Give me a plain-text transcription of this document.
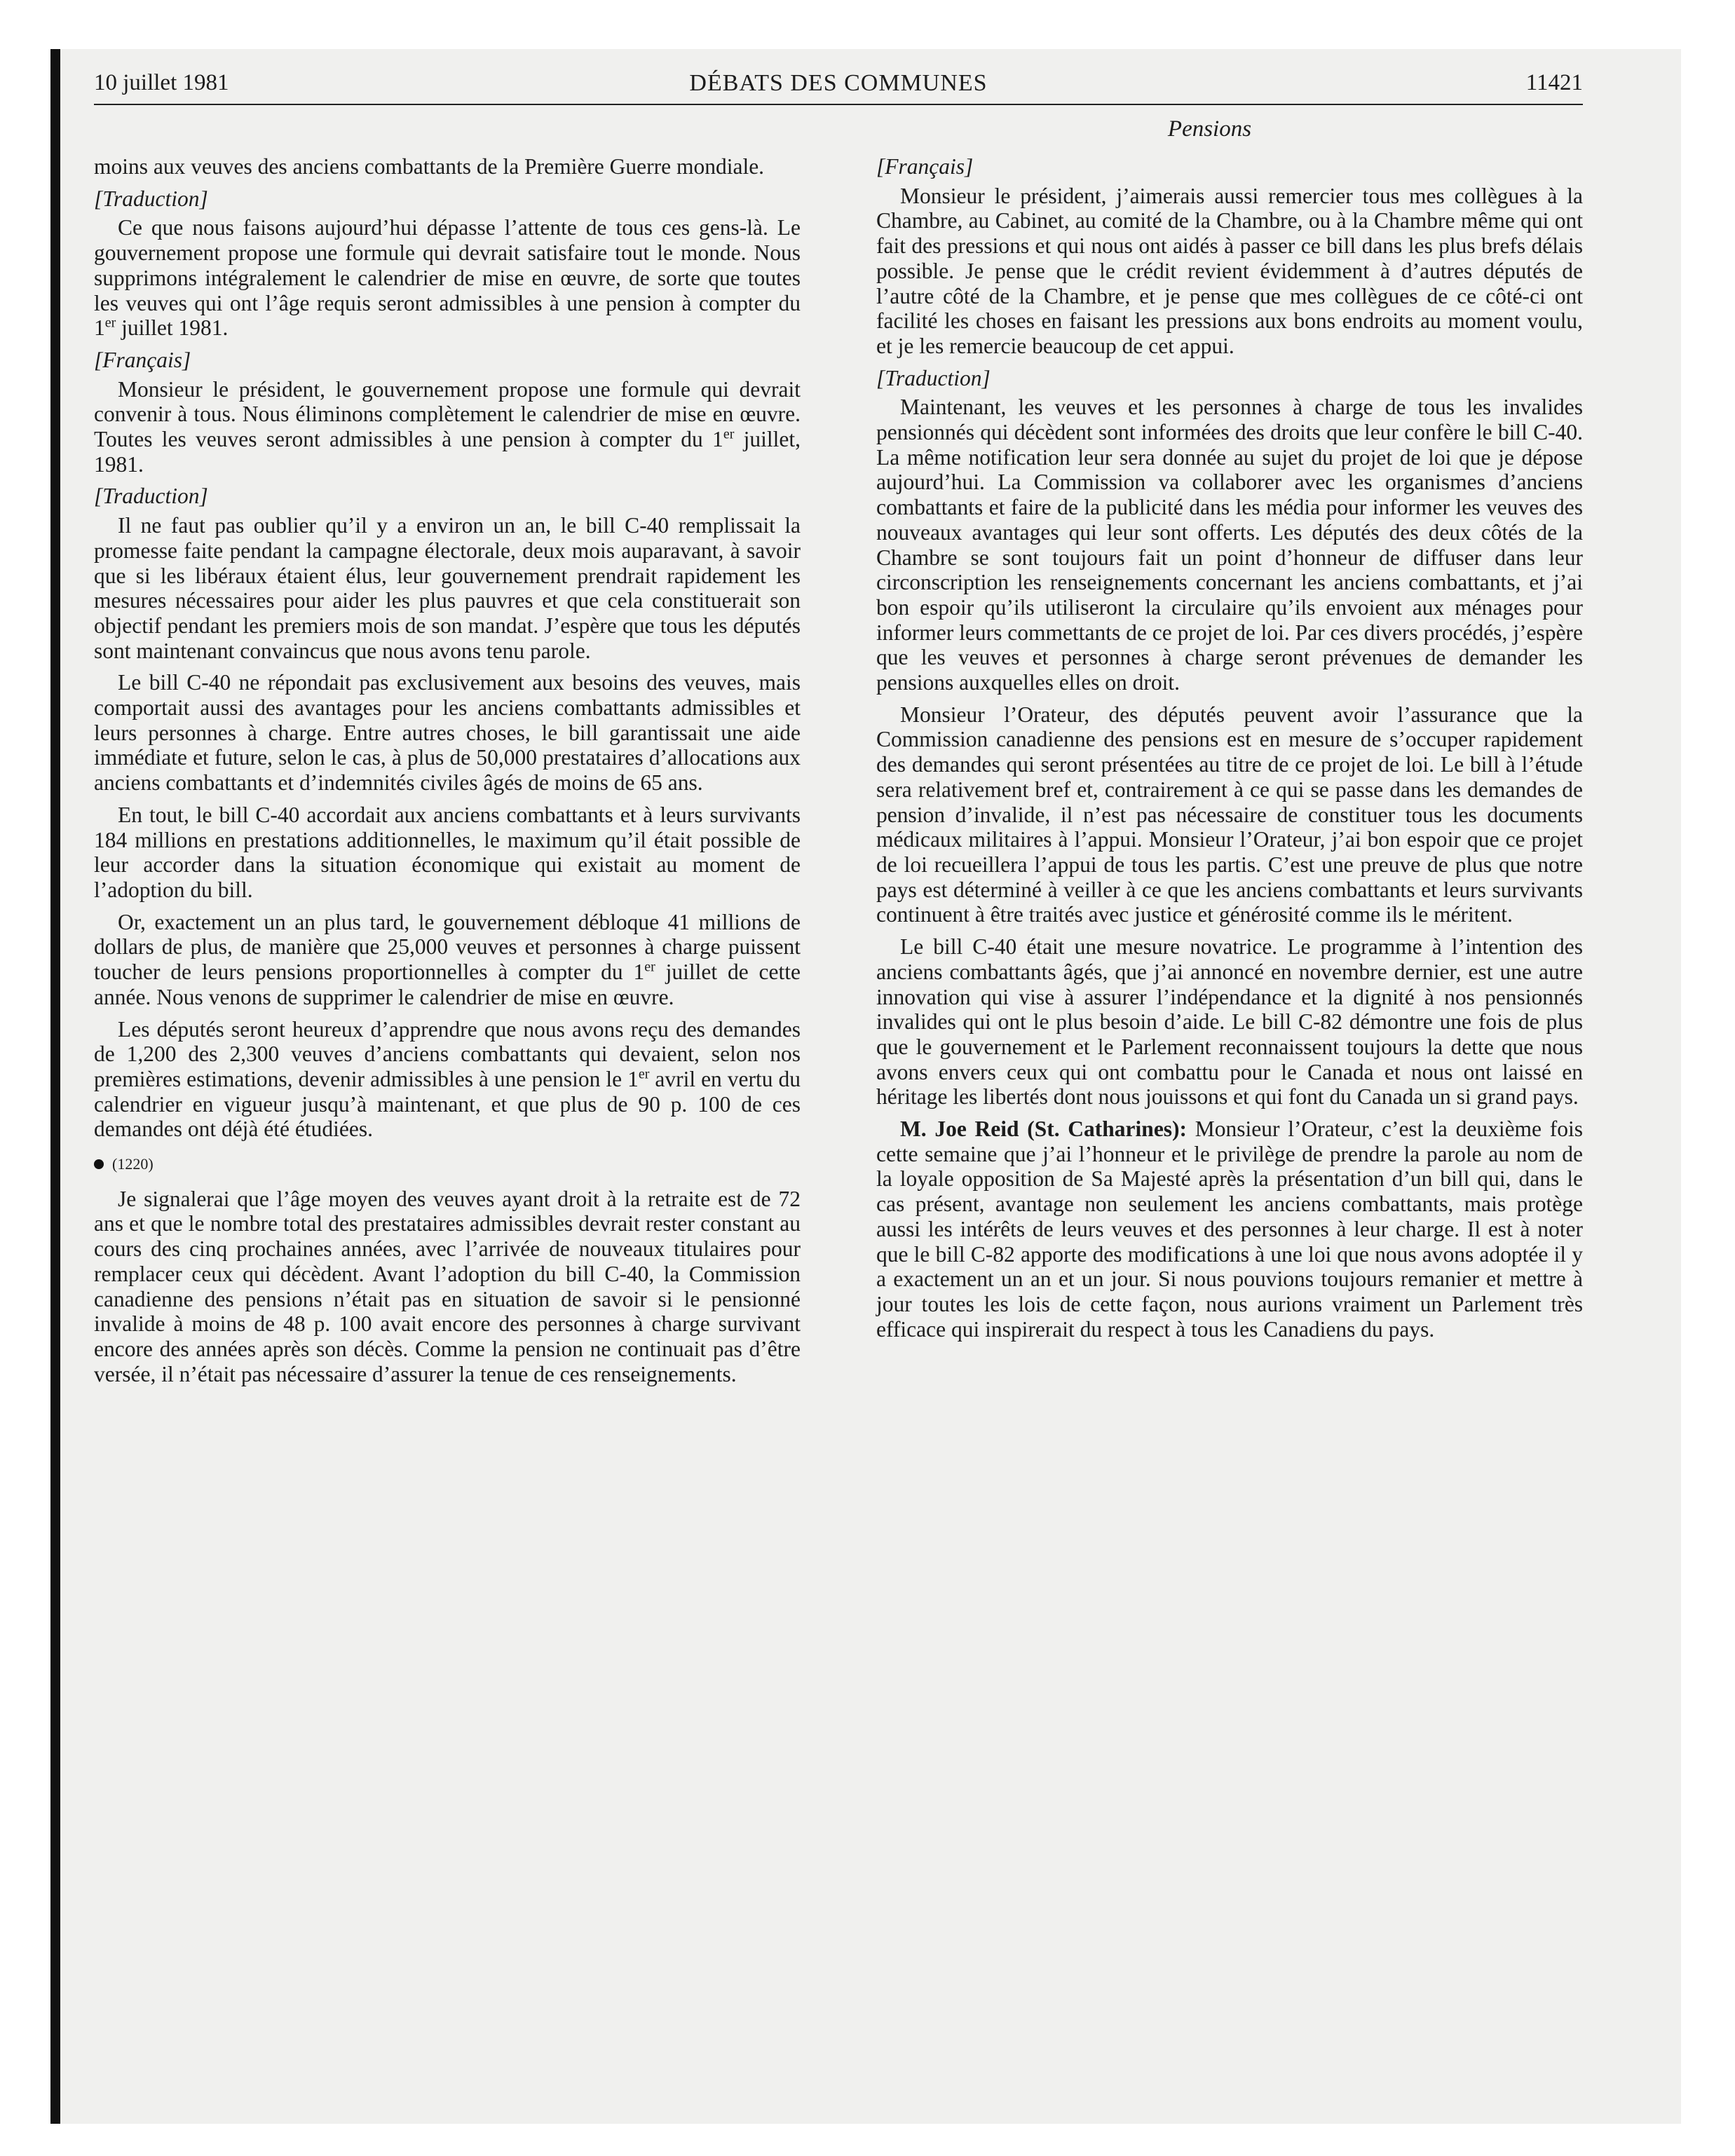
10 juillet 1981	DÉBATS DES COMMUNES	11421
Pensions

moins aux veuves des anciens combattants de la Première Guerre mondiale.

[Traduction]

Ce que nous faisons aujourd’hui dépasse l’attente de tous ces gens-là. Le gouvernement propose une formule qui devrait satisfaire tout le monde. Nous supprimons intégralement le calendrier de mise en œuvre, de sorte que toutes les veuves qui ont l’âge requis seront admissibles à une pension à compter du 1er juillet 1981.

[Français]

Monsieur le président, le gouvernement propose une formule qui devrait convenir à tous. Nous éliminons complètement le calendrier de mise en œuvre. Toutes les veuves seront admissibles à une pension à compter du 1er juillet, 1981.

[Traduction]

Il ne faut pas oublier qu’il y a environ un an, le bill C-40 remplissait la promesse faite pendant la campagne électorale, deux mois auparavant, à savoir que si les libéraux étaient élus, leur gouvernement prendrait rapidement les mesures nécessaires pour aider les plus pauvres et que cela constituerait son objectif pendant les premiers mois de son mandat. J’espère que tous les députés sont maintenant convaincus que nous avons tenu parole.

Le bill C-40 ne répondait pas exclusivement aux besoins des veuves, mais comportait aussi des avantages pour les anciens combattants admissibles et leurs personnes à charge. Entre autres choses, le bill garantissait une aide immédiate et future, selon le cas, à plus de 50,000 prestataires d’allocations aux anciens combattants et d’indemnités civiles âgés de moins de 65 ans.

En tout, le bill C-40 accordait aux anciens combattants et à leurs survivants 184 millions en prestations additionnelles, le maximum qu’il était possible de leur accorder dans la situation économique qui existait au moment de l’adoption du bill.

Or, exactement un an plus tard, le gouvernement débloque 41 millions de dollars de plus, de manière que 25,000 veuves et personnes à charge puissent toucher de leurs pensions proportionnelles à compter du 1er juillet de cette année. Nous venons de supprimer le calendrier de mise en œuvre.

Les députés seront heureux d’apprendre que nous avons reçu des demandes de 1,200 des 2,300 veuves d’anciens combattants qui devaient, selon nos premières estimations, devenir admissibles à une pension le 1er avril en vertu du calendrier en vigueur jusqu’à maintenant, et que plus de 90 p. 100 de ces demandes ont déjà été étudiées.

(1220)

Je signalerai que l’âge moyen des veuves ayant droit à la retraite est de 72 ans et que le nombre total des prestataires admissibles devrait rester constant au cours des cinq prochaines années, avec l’arrivée de nouveaux titulaires pour remplacer ceux qui décèdent. Avant l’adoption du bill C-40, la Commission canadienne des pensions n’était pas en situation de savoir si le pensionné invalide à moins de 48 p. 100 avait encore des personnes à charge survivant encore des années après son décès. Comme la pension ne continuait pas d’être versée, il n’était pas nécessaire d’assurer la tenue de ces renseignements.

[Français]

Monsieur le président, j’aimerais aussi remercier tous mes collègues à la Chambre, au Cabinet, au comité de la Chambre, ou à la Chambre même qui ont fait des pressions et qui nous ont aidés à passer ce bill dans les plus brefs délais possible. Je pense que le crédit revient évidemment à d’autres députés de l’autre côté de la Chambre, et je pense que mes collègues de ce côté-ci ont facilité les choses en faisant les pressions aux bons endroits au moment voulu, et je les remercie beaucoup de cet appui.

[Traduction]

Maintenant, les veuves et les personnes à charge de tous les invalides pensionnés qui décèdent sont informées des droits que leur confère le bill C-40. La même notification leur sera donnée au sujet du projet de loi que je dépose aujourd’hui. La Commission va collaborer avec les organismes d’anciens combattants et faire de la publicité dans les média pour informer les veuves des nouveaux avantages qui leur sont offerts. Les députés des deux côtés de la Chambre se sont toujours fait un point d’honneur de diffuser dans leur circonscription les renseignements concernant les anciens combattants, et j’ai bon espoir qu’ils utiliseront la circulaire qu’ils envoient aux ménages pour informer leurs commettants de ce projet de loi. Par ces divers procédés, j’espère que les veuves et personnes à charge seront prévenues de demander les pensions auxquelles elles on droit.

Monsieur l’Orateur, des députés peuvent avoir l’assurance que la Commission canadienne des pensions est en mesure de s’occuper rapidement des demandes qui seront présentées au titre de ce projet de loi. Le bill à l’étude sera relativement bref et, contrairement à ce qui se passe dans les demandes de pension d’invalide, il n’est pas nécessaire de constituer tous les documents médicaux militaires à l’appui. Monsieur l’Orateur, j’ai bon espoir que ce projet de loi recueillera l’appui de tous les partis. C’est une preuve de plus que notre pays est déterminé à veiller à ce que les anciens combattants et leurs survivants continuent à être traités avec justice et générosité comme ils le méritent.

Le bill C-40 était une mesure novatrice. Le programme à l’intention des anciens combattants âgés, que j’ai annoncé en novembre dernier, est une autre innovation qui vise à assurer l’indépendance et la dignité à nos pensionnés invalides qui ont le plus besoin d’aide. Le bill C-82 démontre une fois de plus que le gouvernement et le Parlement reconnaissent toujours la dette que nous avons envers ceux qui ont combattu pour le Canada et nous ont laissé en héritage les libertés dont nous jouissons et qui font du Canada un si grand pays.

M. Joe Reid (St. Catharines): Monsieur l’Orateur, c’est la deuxième fois cette semaine que j’ai l’honneur et le privilège de prendre la parole au nom de la loyale opposition de Sa Majesté après la présentation d’un bill qui, dans le cas présent, avantage non seulement les anciens combattants, mais protège aussi les intérêts de leurs veuves et des personnes à leur charge. Il est à noter que le bill C-82 apporte des modifications à une loi que nous avons adoptée il y a exactement un an et un jour. Si nous pouvions toujours remanier et mettre à jour toutes les lois de cette façon, nous aurions vraiment un Parlement très efficace qui inspirerait du respect à tous les Canadiens du pays.
